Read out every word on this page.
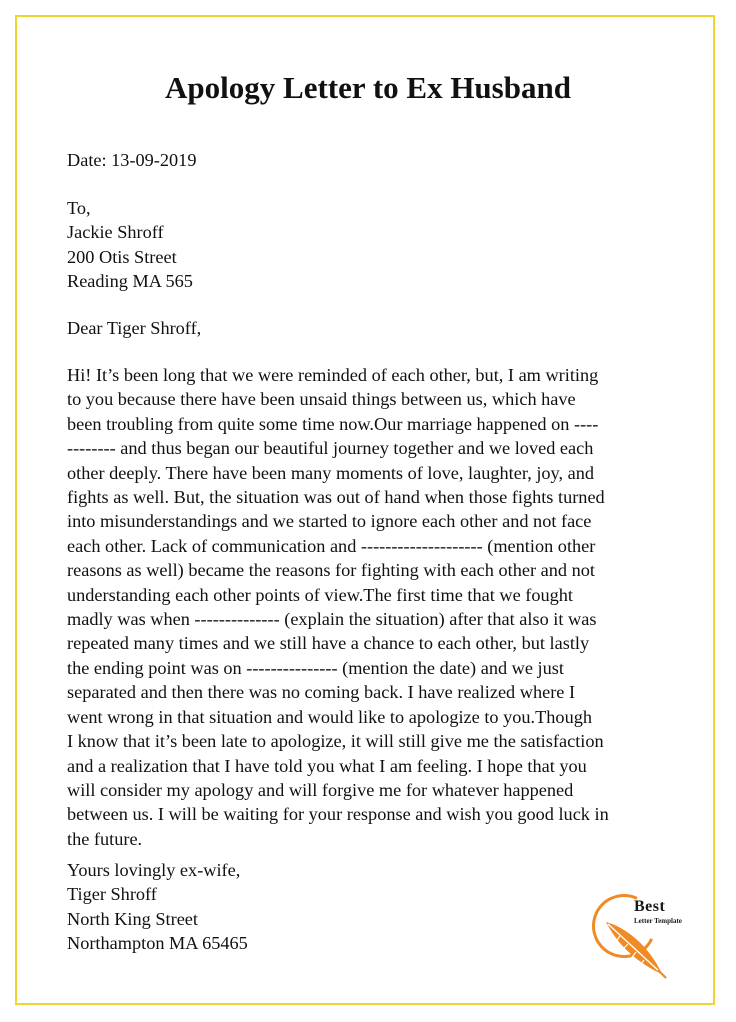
Apology Letter to Ex Husband

Date: 13-09-2019

To,
Jackie Shroff
200 Otis Street
Reading MA 565

Dear Tiger Shroff,

Hi! It’s been long that we were reminded of each other, but, I am writing
to you because there have been unsaid things between us, which have
been troubling from quite some time now.Our marriage happened on ----
-------- and thus began our beautiful journey together and we loved each
other deeply. There have been many moments of love, laughter, joy, and
fights as well. But, the situation was out of hand when those fights turned
into misunderstandings and we started to ignore each other and not face
each other. Lack of communication and -------------------- (mention other
reasons as well) became the reasons for fighting with each other and not
understanding each other points of view.The first time that we fought
madly was when -------------- (explain the situation) after that also it was
repeated many times and we still have a chance to each other, but lastly
the ending point was on --------------- (mention the date) and we just
separated and then there was no coming back. I have realized where I
went wrong in that situation and would like to apologize to you.Though
I know that it’s been late to apologize, it will still give me the satisfaction
and a realization that I have told you what I am feeling. I hope that you
will consider my apology and will forgive me for whatever happened
between us. I will be waiting for your response and wish you good luck in
the future.

Yours lovingly ex-wife,
Tiger Shroff
North King Street
Northampton MA 65465
Best
Letter Template
